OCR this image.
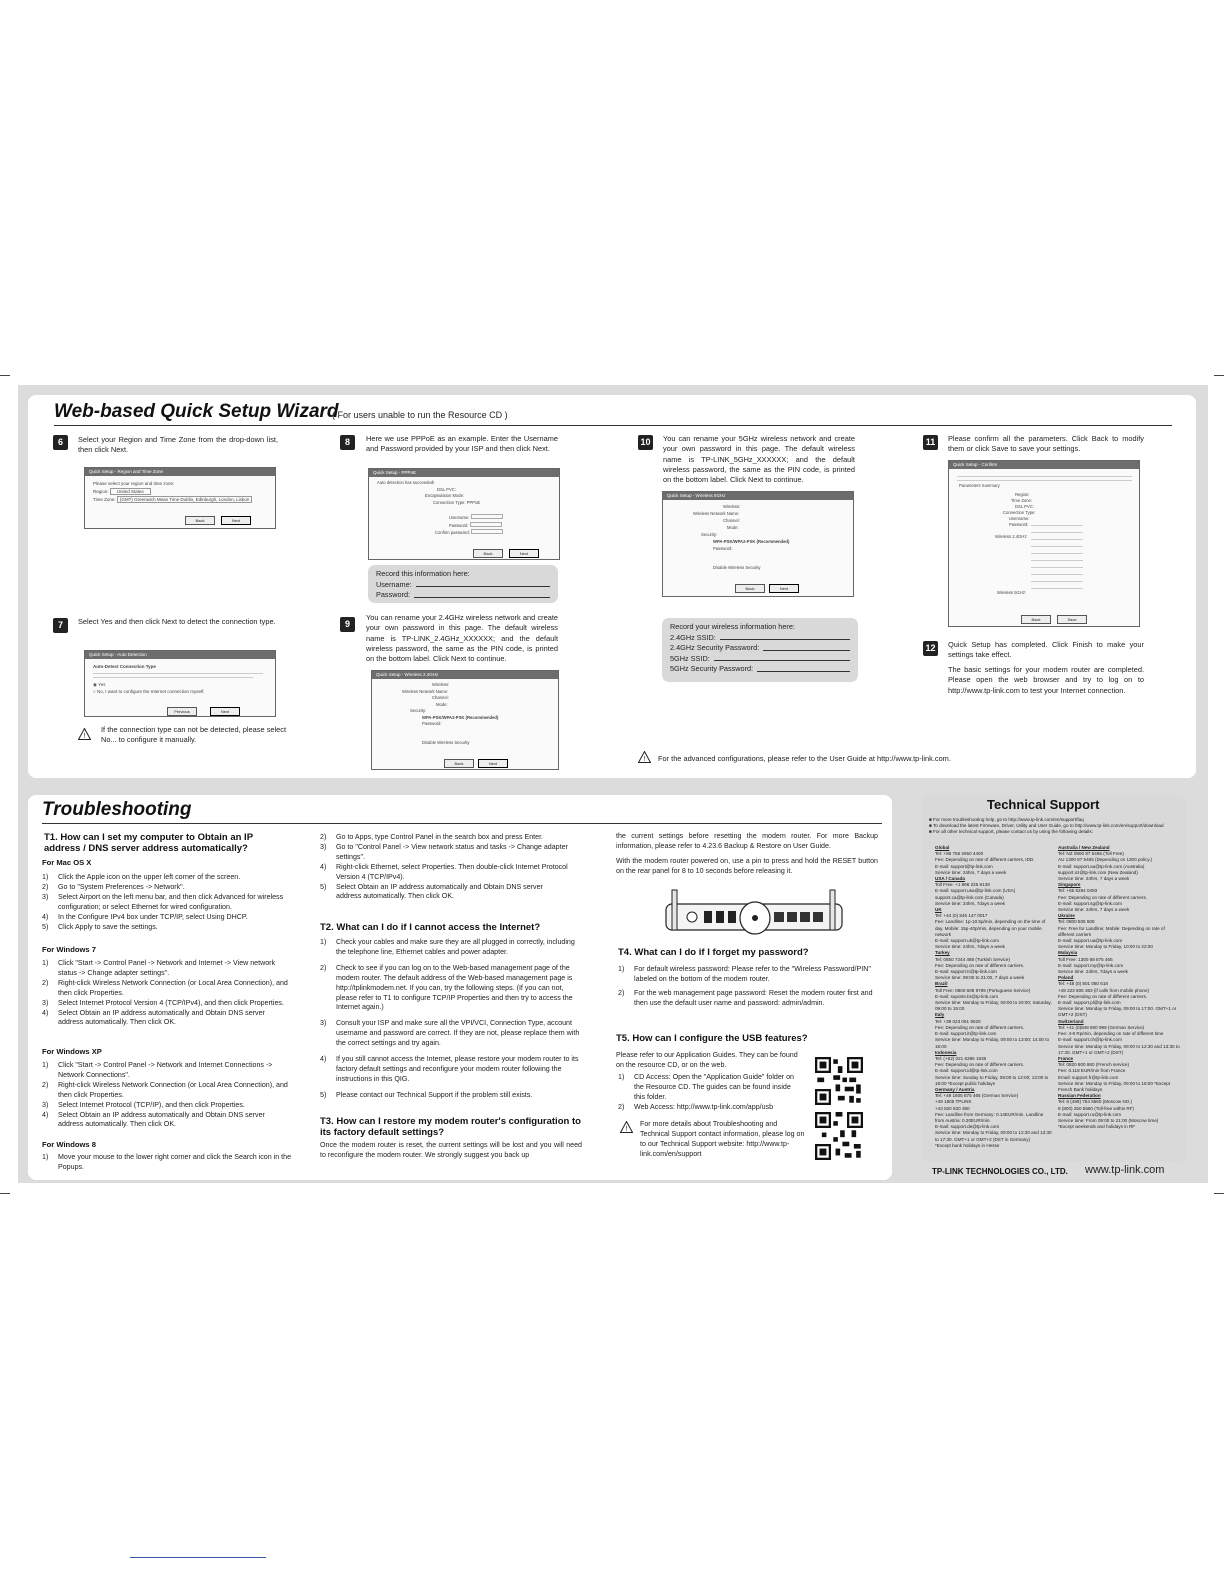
Web-based Quick Setup Wizard
( For users unable to run the Resource CD )
6	Select your Region and Time Zone from the drop-down list, then click Next.
Quick Setup - Region and Time Zone
Please select your region and time zone:
Region: United States
Time Zone: (GMT) Greenwich Mean Time Dublin, Edinburgh, London, Lisbon
Back	Next
7	Select Yes and then click Next to detect the connection type.
Quick Setup - Auto Detection
Auto-Detect Connection Type
◉ Yes
○ No, I want to configure the Internet connection myself.
Previous	Next
!
If the connection type can not be detected, please select No... to configure it manually.
8	Here we use PPPoE as an example. Enter the Username and Password provided by your ISP and then click Next.
Quick Setup - PPPoE
Auto detection has succeeded!
DSL PVC:
Encapsulation Mode:
Connection Type: PPPoE
Username:
Password:
Confirm password:
Back	Next
Record this information here:
Username:
Password:
9
You can rename your 2.4GHz wireless network and create your own password in this page. The default wireless name is TP-LINK_2.4GHz_XXXXXX; and the default wireless password, the same as the PIN code, is printed on the bottom label. Click Next to continue.
Quick Setup - Wireless 2.4GHz
Wireless:
Wireless Network Name:
Channel:
Mode:
Security:
WPA-PSK/WPA2-PSK (Recommended)
Password:
Disable Wireless Security
Back	Next
10	You can rename your 5GHz wireless network and create your own password in this page. The default wireless name is TP-LINK_5GHz_XXXXXX; and the default wireless password, the same as the PIN code, is printed on the bottom label. Click Next to continue.
Quick Setup - Wireless 5GHz
Wireless:
Wireless Network Name:
Channel:
Mode:
Security:
WPA-PSK/WPA2-PSK (Recommended)
Password:
Disable Wireless Security
Back	Next
Record your wireless information here:
2.4GHz SSID:
2.4GHz Security Password:
5GHz SSID:
5GHz Security Password:
11	Please confirm all the parameters. Click Back to modify them or click Save to save your settings.
Quick Setup - Confirm
Parameters Summary
Region:
Time Zone:
DSL PVC:
Connection Type:
Username:
Password:
Wireless 2.4GHz:
Wireless 5GHz:
Back	Save
12	Quick Setup has completed. Click Finish to make your settings take effect.
The basic settings for your modem router are completed. Please open the web browser and try to log on to http://www.tp-link.com to test your Internet connection.
! For the advanced configurations, please refer to the User Guide at http://www.tp-link.com.
Troubleshooting
T1. How can I set my computer to Obtain an IP address / DNS server address automatically?
For Mac OS X
1) Click the Apple icon on the upper left corner of the screen.
2) Go to "System Preferences -> Network".
3) Select Airport on the left menu bar, and then click Advanced for wireless configuration; or select Ethernet for wired configuration.
4) In the Configure IPv4 box under TCP/IP, select Using DHCP.
5) Click Apply to save the settings.
For Windows 7
1) Click "Start -> Control Panel -> Network and Internet -> View network status -> Change adapter settings".
2) Right-click Wireless Network Connection (or Local Area Connection), and then click Properties.
3) Select Internet Protocol Version 4 (TCP/IPv4), and then click Properties.
4) Select Obtain an IP address automatically and Obtain DNS server address automatically. Then click OK.
For Windows XP
1) Click "Start -> Control Panel -> Network and Internet Connections -> Network Connections".
2) Right-click Wireless Network Connection (or Local Area Connection), and then click Properties.
3) Select Internet Protocol (TCP/IP), and then click Properties.
4) Select Obtain an IP address automatically and Obtain DNS server address automatically. Then click OK.
For Windows 8
1) Move your mouse to the lower right corner and click the Search icon in the Popups.
2) Go to Apps, type Control Panel in the search box and press Enter.
3) Go to "Control Panel -> View network status and tasks -> Change adapter settings".
4) Right-click Ethernet, select Properties. Then double-click Internet Protocol Version 4 (TCP/IPv4).
5) Select Obtain an IP address automatically and Obtain DNS server address automatically. Then click OK.
T2. What can I do if I cannot access the Internet?
1) Check your cables and make sure they are all plugged in correctly, including the telephone line, Ethernet cables and power adapter.
2) Check to see if you can log on to the Web-based management page of the modem router. The default address of the Web-based management page is http://tplinkmodem.net. If you can, try the following steps. (If you can not, please refer to T1 to configure TCP/IP Properties and then try to access the Internet again.)
3) Consult your ISP and make sure all the VPI/VCI, Connection Type, account username and password are correct. If they are not, please replace them with the correct settings and try again.
4) If you still cannot access the Internet, please restore your modem router to its factory default settings and reconfigure your modem router following the instructions in this QIG.
5) Please contact our Technical Support if the problem still exists.
T3. How can I restore my modem router's configuration to its factory default settings?
Once the modem router is reset, the current settings will be lost and you will need to reconfigure the modem router. We strongly suggest you back up
the current settings before resetting the modem router. For more Backup information, please refer to 4.23.6 Backup & Restore on User Guide.
With the modem router powered on, use a pin to press and hold the RESET button on the rear panel for 8 to 10 seconds before releasing it.
T4. What can I do if I forget my password?
1) For default wireless password: Please refer to the "Wireless Password/PIN" labeled on the bottom of the modem router.
2) For the web management page password: Reset the modem router first and then use the default user name and password: admin/admin.
T5. How can I configure the USB features?
Please refer to our Application Guides. They can be found on the resource CD, or on the web.
1) CD Access: Open the "Application Guide" folder on the Resource CD. The guides can be found inside this folder.
2) Web Access: http://www.tp-link.com/app/usb
!
For more details about Troubleshooting and Technical Support contact information, please log on to our Technical Support website: http://www.tp-link.com/en/support
Technical Support
■ For more troubleshooting help, go to http://www.tp-link.com/en/support/faq
■ To download the latest Firmware, Driver, Utility and User Guide, go to http://www.tp-link.com/en/support/download
■ For all other technical support, please contact us by using the following details:
Global
Tel: +86 755 2650 4400
Fee: Depending on rate of different carriers, IDD.
E-mail: support@tp-link.com
Service time: 24hrs, 7 days a week
USA / Canada
Toll Free: +1 866 225 8139
E-mail: support.usa@tp-link.com (USA)
support.ca@tp-link.com (Canada)
Service time: 24hrs, 7days a week
UK
Tel: +44 (0) 845 147 0017
Fee: Landline: 1p-10.5p/min, depending on the time of day. Mobile: 15p-40p/min, depending on your mobile network
E-mail: support.uk@tp-link.com
Service time: 24hrs, 7days a week
Turkey
Tel: 0850 7244 488 (Turkish Service)
Fee: Depending on rate of different carriers.
E-mail: support.tr@tp-link.com
Service time: 09:00 to 21:00, 7 days a week
Brazil
Toll Free: 0800 608 9799 (Portuguese Service)
E-mail: suporte.br@tp-link.com
Service time: Monday to Friday, 09:00 to 20:00; Saturday, 09:00 to 15:00
Italy
Tel: +39 023 051 9020
Fee: Depending on rate of different carriers.
E-mail: support.it@tp-link.com
Service time: Monday to Friday, 09:00 to 13:00; 14:00 to 18:00
Indonesia
Tel: (+62) 021 6386 1936
Fee: Depending on rate of different carriers.
E-mail: support.id@tp-link.com
Service time: Sunday to Friday, 09:00 to 12:00; 13:00 to 18:00 *Except public holidays
Germany / Austria
Tel: +49 1805 875 465 (German Service)
+49 1805 TPLINK
+43 820 820 360
Fee: Landline from Germany: 0.14EUR/min. Landline from Austria: 0.20EUR/min.
E-mail: support.de@tp-link.com
Service time: Monday to Friday, 09:00 to 12:30 and 13:30 to 17:30. GMT+1 or GMT+2 (DST in Germany)
*Except bank holidays in Hesse
Australia / New Zealand
Tel: NZ 0800 87 5465 (Toll Free)
AU 1300 87 5465 (Depending on 1300 policy.)
E-mail: support.au@tp-link.com (Australia)
support.nz@tp-link.com (New Zealand)
Service time: 24hrs, 7 days a week
Singapore
Tel: +65 6284 0493
Fee: Depending on rate of different carriers.
E-mail: support.sg@tp-link.com
Service time: 24hrs, 7 days a week
Ukraine
Tel: 0800 505 508
Fee: Free for Landline; Mobile: Depending on rate of different carriers
E-mail: support.ua@tp-link.com
Service time: Monday to Friday, 10:00 to 22:00
Malaysia
Toll Free: 1300 88 875 465
E-mail: support.my@tp-link.com
Service time: 24hrs, 7days a week
Poland
Tel: +48 (0) 801 080 618
+48 223 606 363 (if calls from mobile phone)
Fee: Depending on rate of different carriers.
E-mail: support.pl@tp-link.com
Service time: Monday to Friday, 09:00 to 17:00. GMT+1 or GMT+2 (DST)
Switzerland
Tel: +41 (0)848 800 998 (German Service)
Fee: 4-8 Rp/min, depending on rate of different time
E-mail: support.ch@tp-link.com
Service time: Monday to Friday, 09:00 to 12:30 and 13:30 to 17:30. GMT+1 or GMT+2 (DST)
France
Tel: 0820 800 860 (French service)
Fee: 0.118 EUR/min from France
Email: support.fr@tp-link.com
Service time: Monday to Friday, 09:00 to 18:00 *Except French Bank holidays
Russian Federation
Tel: 8 (499) 754 5560 (Moscow NO.)
8 (800) 250 5560 (Toll-free within RF)
E-mail: support.ru@tp-link.com
Service time: From 09:00 to 21:00 (Moscow time)
*Except weekends and holidays in RF
TP-LINK TECHNOLOGIES CO., LTD. www.tp-link.com
